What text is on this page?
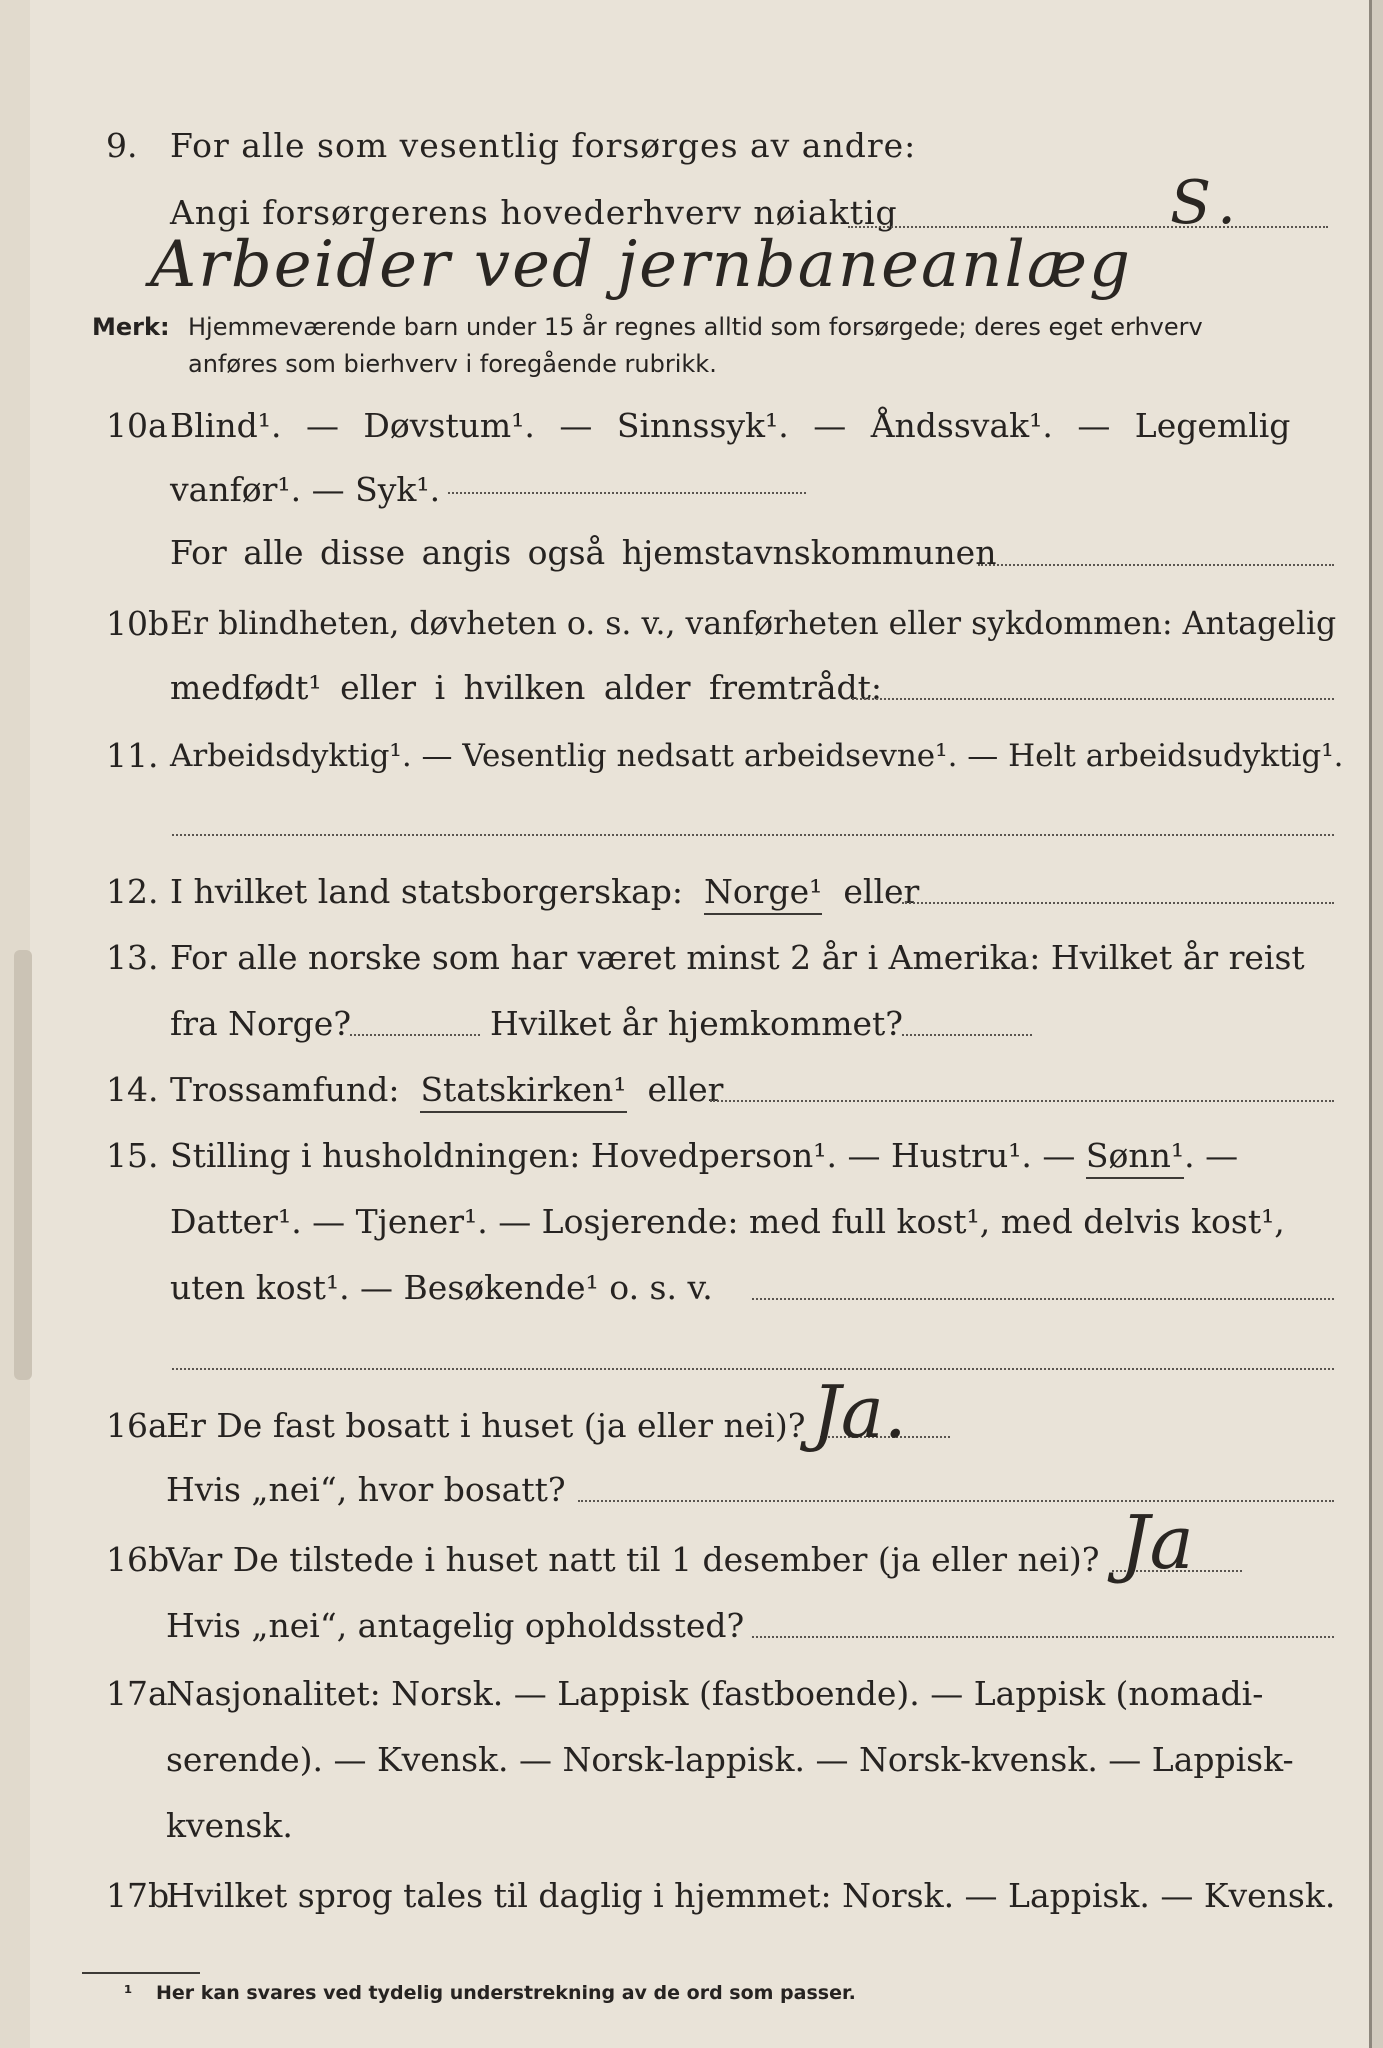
9. For alle som vesentlig forsørges av andre:
Angi forsørgerens hovederhverv nøiaktig	S.
Arbeider ved jernbaneanlæg
Merk: Hjemmeværende barn under 15 år regnes alltid som forsørgede; deres eget erhverv
anføres som bierhverv i foregående rubrikk.
10a Blind¹. — Døvstum¹. — Sinnssyk¹. — Åndssvak¹. — Legemlig
vanfør¹. — Syk¹.
For alle disse angis også hjemstavnskommunen
10b Er blindheten, døvheten o. s. v., vanførheten eller sykdommen: Antagelig
medfødt¹ eller i hvilken alder fremtrådt:
11. Arbeidsdyktig¹. — Vesentlig nedsatt arbeidsevne¹. — Helt arbeidsudyktig¹.
12. I hvilket land statsborgerskap: Norge¹ eller
13. For alle norske som har været minst 2 år i Amerika: Hvilket år reist
fra Norge?	Hvilket år hjemkommet?
14. Trossamfund: Statskirken¹ eller
15. Stilling i husholdningen: Hovedperson¹. — Hustru¹. — Sønn¹. —
Datter¹. — Tjener¹. — Losjerende: med full kost¹, med delvis kost¹,
uten kost¹. — Besøkende¹ o. s. v.
16a
Er De fast bosatt i huset (ja eller nei)? Ja.
Hvis „nei“, hvor bosatt?
16b
Var De tilstede i huset natt til 1 desember (ja eller nei)? Ja
Hvis „nei“, antagelig opholdssted?
17a
Nasjonalitet: Norsk. — Lappisk (fastboende). — Lappisk (nomadi-
serende). — Kvensk. — Norsk-lappisk. — Norsk-kvensk. — Lappisk-
kvensk.
17b
Hvilket sprog tales til daglig i hjemmet: Norsk. — Lappisk. — Kvensk.
¹ Her kan svares ved tydelig understrekning av de ord som passer.
